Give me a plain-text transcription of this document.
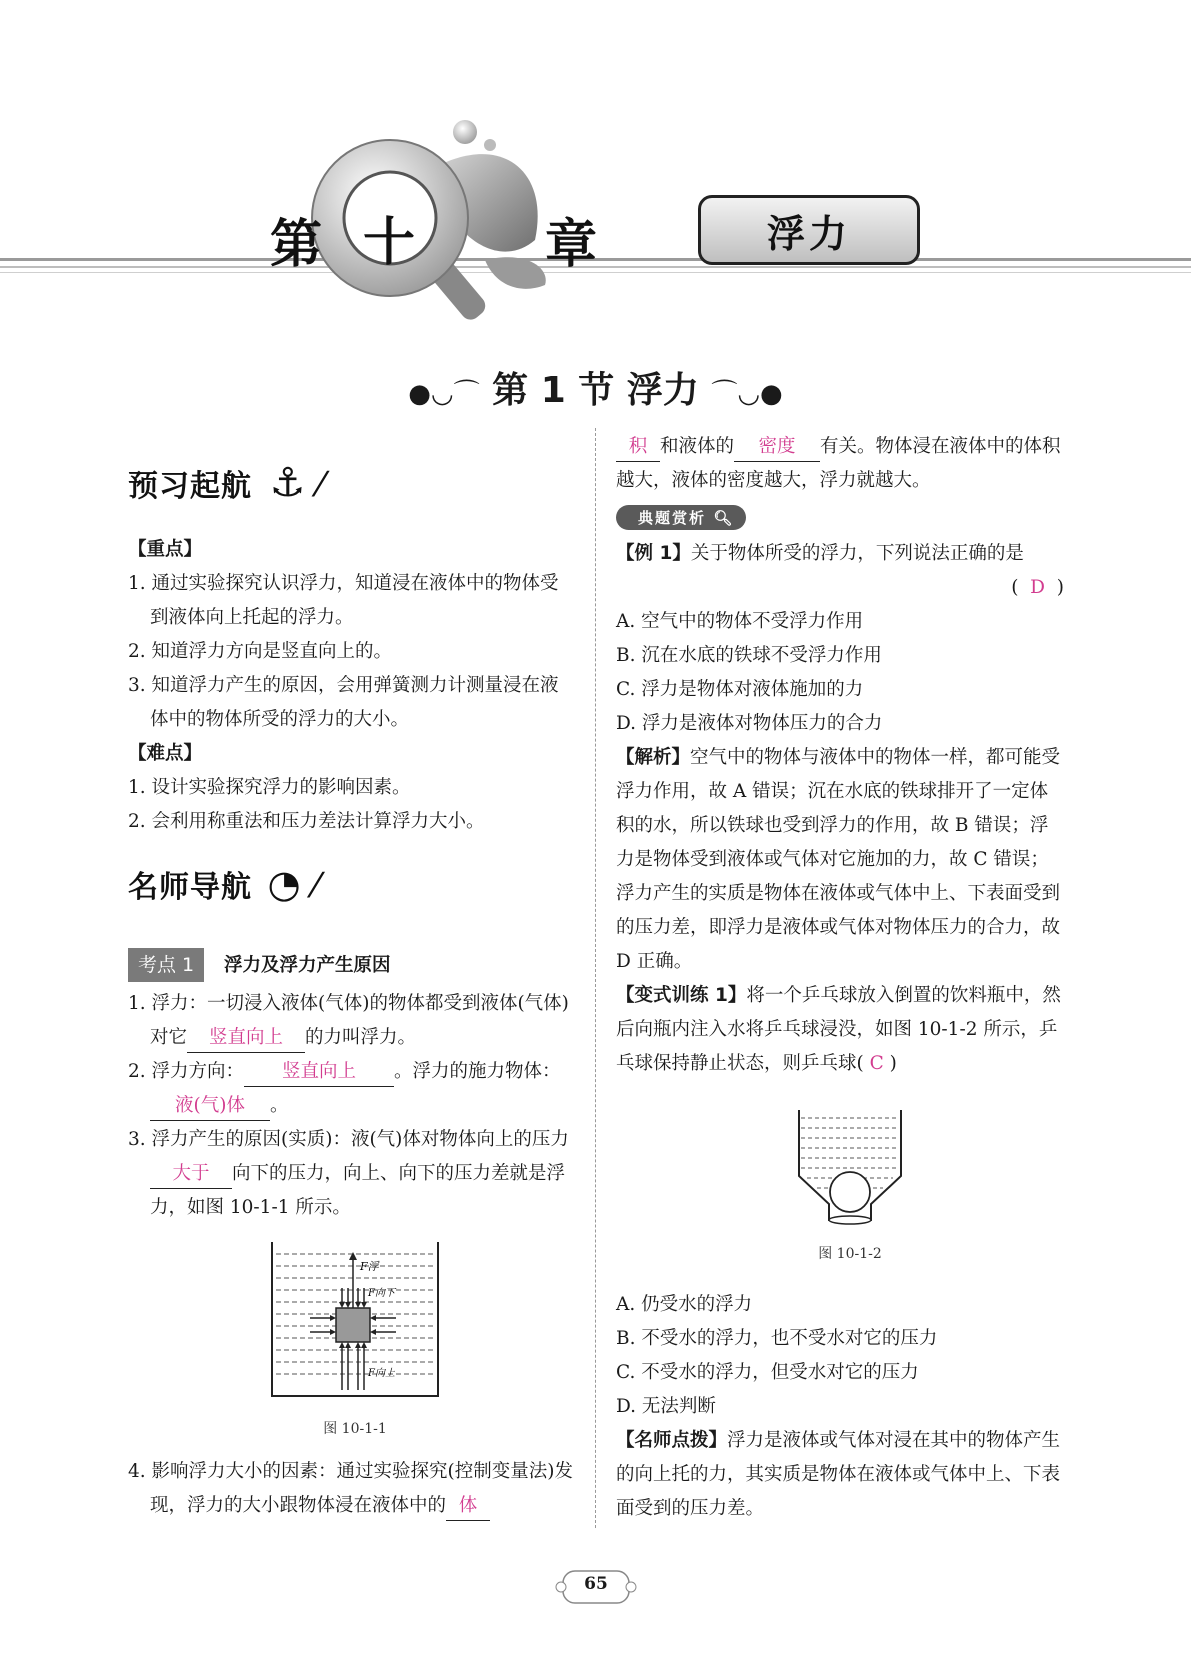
第 十 章	浮力
●◡⌒ 第 1 节 浮力 ⌒◡●
预习起航 ⚓ ⁄

【重点】

1. 通过实验探究认识浮力，知道浸在液体中的物体受到液体向上托起的浮力。

2. 知道浮力方向是竖直向上的。

3. 知道浮力产生的原因，会用弹簧测力计测量浸在液体中的物体所受的浮力的大小。

【难点】

1. 设计实验探究浮力的影响因素。

2. 会利用称重法和压力差法计算浮力大小。

名师导航 ◔ ⁄

考点 1 浮力及浮力产生原因

1. 浮力：一切浸入液体(气体)的物体都受到液体(气体)对它 竖直向上 的力叫浮力。

2. 浮力方向： 竖直向上 。浮力的施力物体：液(气)体 。

3. 浮力产生的原因(实质)：液(气)体对物体向上的压力大于 向下的压力，向上、向下的压力差就是浮力，如图 10-1-1 所示。

F浮
F向下
F向上
图 10-1-1

4. 影响浮力大小的因素：通过实验探究(控制变量法)发现，浮力的大小跟物体浸在液体中的 体

积 和液体的 密度 有关。物体浸在液体中的体积越大，液体的密度越大，浮力就越大。

典题赏析 🔍︎

【例 1】关于物体所受的浮力，下列说法正确的是

(  D  )

A. 空气中的物体不受浮力作用

B. 沉在水底的铁球不受浮力作用

C. 浮力是物体对液体施加的力

D. 浮力是液体对物体压力的合力

【解析】空气中的物体与液体中的物体一样，都可能受浮力作用，故 A 错误；沉在水底的铁球排开了一定体积的水，所以铁球也受到浮力的作用，故 B 错误；浮力是物体受到液体或气体对它施加的力，故 C 错误；浮力产生的实质是物体在液体或气体中上、下表面受到的压力差，即浮力是液体或气体对物体压力的合力，故 D 正确。

【变式训练 1】将一个乒乓球放入倒置的饮料瓶中，然后向瓶内注入水将乒乓球浸没，如图 10-1-2 所示，乒乓球保持静止状态，则乒乓球( C )

图 10-1-2

A. 仍受水的浮力

B. 不受水的浮力，也不受水对它的压力

C. 不受水的浮力，但受水对它的压力

D. 无法判断

【名师点拨】浮力是液体或气体对浸在其中的物体产生的向上托的力，其实质是物体在液体或气体中上、下表面受到的压力差。

65
